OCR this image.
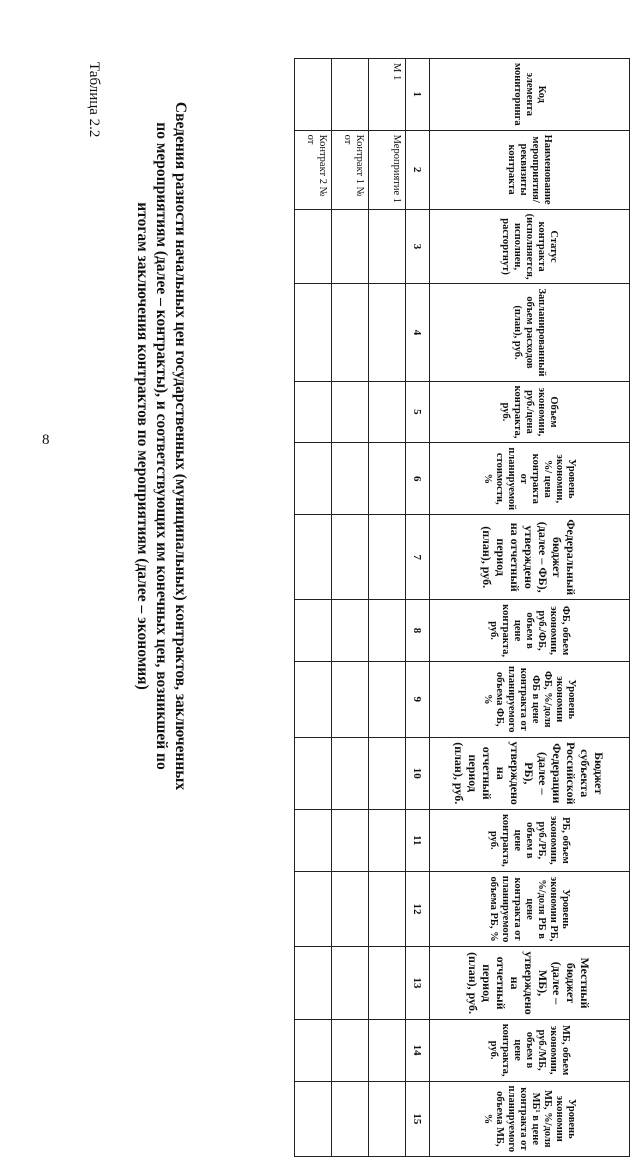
8
Таблица 2.2
Сведения разности начальных цен государственных (муниципальных) контрактов, заключенных по мероприятиям (далее – контракты), и соответствующих им конечных цен, возникшей по итогам заключения контрактов по мероприятиям (далее – экономия)
Код элемента мониторинга	Наименование мероприятия/реквизиты контракта	Статус контракта (исполняется, исполнен, расторгнут)	Запланированный объем расходов (план), руб.	Объем экономии, руб./цена контракта, руб.	Уровень экономии, %/ цена контракта от планируемой стоимости, %	Федеральный бюджет (далее – ФБ), утверждено на отчетный период (план), руб.	ФБ, объем экономии, руб./ФБ, объем в цене контракта, руб.	Уровень экономии ФБ, %/доля ФБ в цене контракта от планируемого объема ФБ, %	Бюджет субъекта Российской Федерации (далее – РБ), утверждено на отчетный период (план), руб.	РБ, объем экономии, руб./РБ, объем в цене контракта, руб.	Уровень экономии РБ, %/доля РБ в цене контракта от планируемого объема РБ, %	Местный бюджет (далее – МБ), утверждено на отчетный период (план), руб.	МБ, объем экономии, руб./МБ, объем в цене контракта, руб.	Уровень экономии МБ, %/доля МБ¹ в цене контракта от планируемого объема МБ, %
1	2	3	4	5	6	7	8	9	10	11	12	13	14	15
М 1	Мероприятие 1													
	Контракт 1 № от													
	Контракт 2 № от													
